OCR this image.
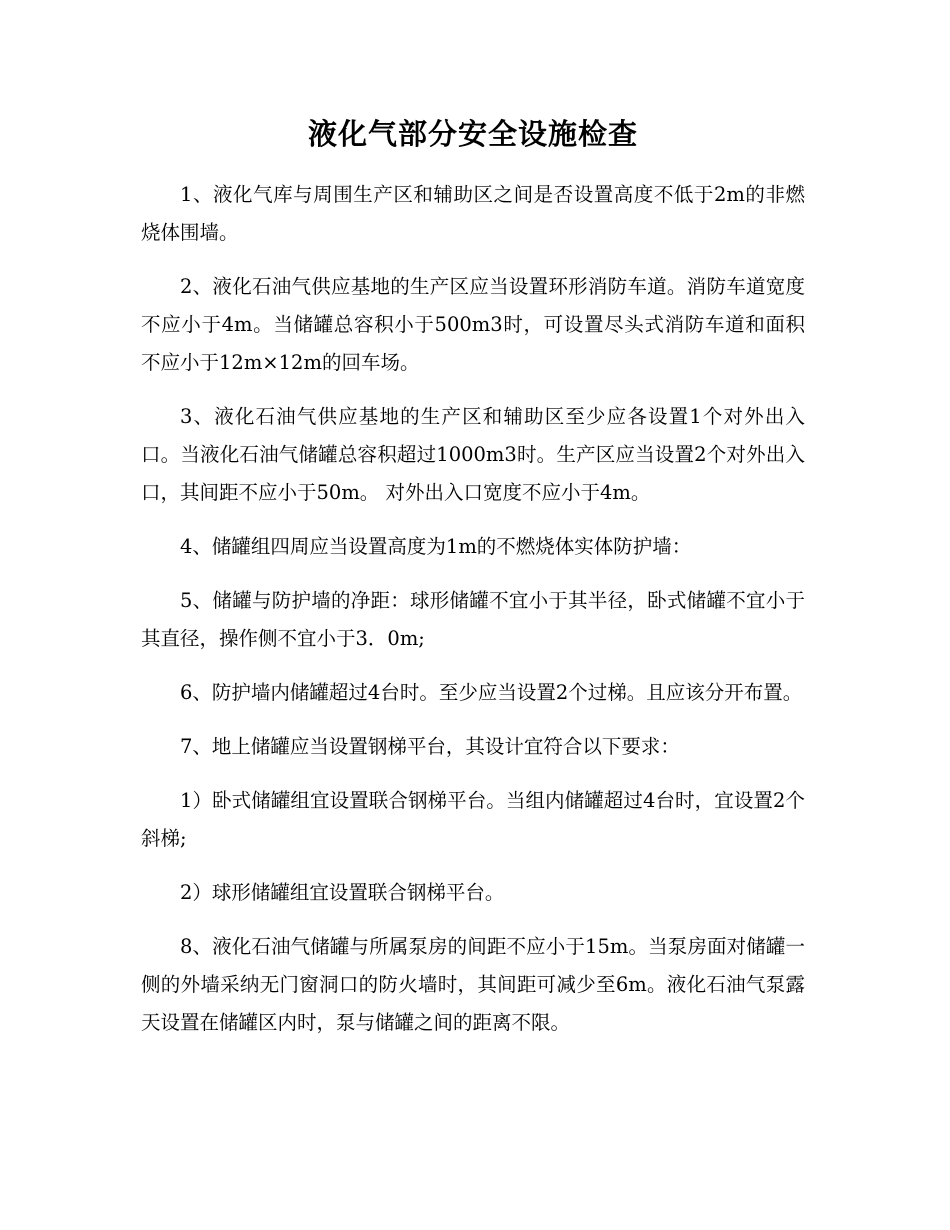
液化气部分安全设施检查

1、液化气库与周围生产区和辅助区之间是否设置高度不低于2m的非燃烧体围墙。

2、液化石油气供应基地的生产区应当设置环形消防车道。消防车道宽度不应小于4m。当储罐总容积小于500m3时，可设置尽头式消防车道和面积不应小于12m×12m的回车场。

3、液化石油气供应基地的生产区和辅助区至少应各设置1个对外出入口。当液化石油气储罐总容积超过1000m3时。生产区应当设置2个对外出入口，其间距不应小于50m。 对外出入口宽度不应小于4m。

4、储罐组四周应当设置高度为1m的不燃烧体实体防护墙：

5、储罐与防护墙的净距：球形储罐不宜小于其半径，卧式储罐不宜小于其直径，操作侧不宜小于3．0m;

6、防护墙内储罐超过4台时。至少应当设置2个过梯。且应该分开布置。

7、地上储罐应当设置钢梯平台，其设计宜符合以下要求：

1）卧式储罐组宜设置联合钢梯平台。当组内储罐超过4台时，宜设置2个斜梯;

2）球形储罐组宜设置联合钢梯平台。

8、液化石油气储罐与所属泵房的间距不应小于15m。当泵房面对储罐一侧的外墙采纳无门窗洞口的防火墙时，其间距可减少至6m。液化石油气泵露天设置在储罐区内时，泵与储罐之间的距离不限。
